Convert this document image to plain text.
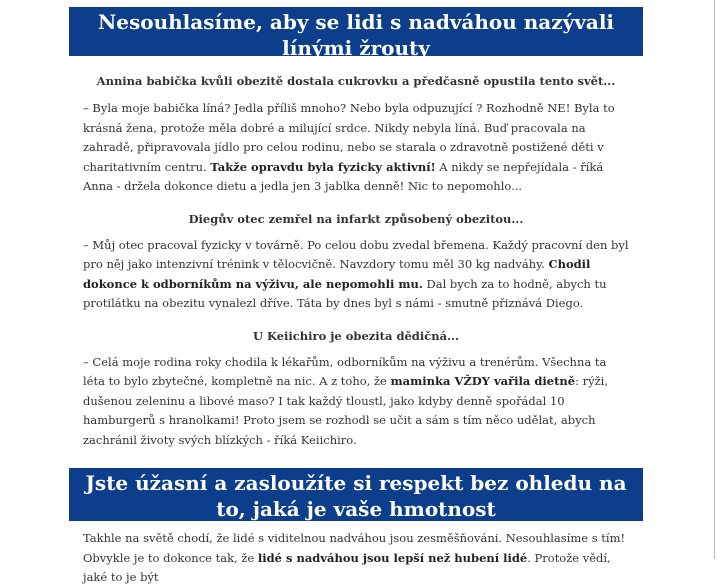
Nesouhlasíme, aby se lidi s nadváhou nazývali línými žrouty

Annina babička kvůli obezitě dostala cukrovku a předčasně opustila tento svět...

– Byla moje babička líná? Jedla příliš mnoho? Nebo byla odpuzující ? Rozhodně NE! Byla to krásná žena, protože měla dobré a milující srdce. Nikdy nebyla líná. Buď pracovala na zahradě, připravovala jídlo pro celou rodinu, nebo se starala o zdravotně postižené děti v charitativním centru. Takže opravdu byla fyzicky aktivní! A nikdy se nepřejídala - říká Anna - držela dokonce dietu a jedla jen 3 jablka denně! Nic to nepomohlo...

Diegův otec zemřel na infarkt způsobený obezitou...

– Můj otec pracoval fyzicky v továrně. Po celou dobu zvedal břemena. Každý pracovní den byl pro něj jako intenzivní trénink v tělocvičně. Navzdory tomu měl 30 kg nadváhy. Chodil dokonce k odborníkům na výživu, ale nepomohli mu. Dal bych za to hodně, abych tu protilátku na obezitu vynalezl dříve. Táta by dnes byl s námi - smutně přiznává Diego.

U Keiichiro je obezita dědičná...

– Celá moje rodina roky chodila k lékařům, odborníkům na výživu a trenérům. Všechna ta léta to bylo zbytečné, kompletně na nic. A z toho, že maminka VŽDY vařila dietně: rýži, dušenou zeleninu a libové maso? I tak každý tloustl, jako kdyby denně spořádal 10 hamburgerů s hranolkami! Proto jsem se rozhodl se učit a sám s tím něco udělat, abych zachránil životy svých blízkých - říká Keiichiro.

Jste úžasní a zasloužíte si respekt bez ohledu na to, jaká je vaše hmotnost

Takhle na světě chodí, že lidé s viditelnou nadváhou jsou zesměšňováni. Nesouhlasíme s tím! Obvykle je to dokonce tak, že lidé s nadváhou jsou lepší než hubení lidé. Protože vědí, jaké to je být
